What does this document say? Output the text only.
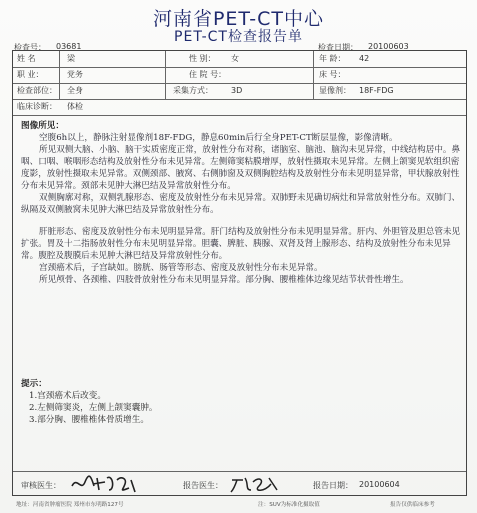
河南省PET-CT中心
PET-CT检查报告单
检查号： 03681	检查日期： 20100603
姓 名	梁	性 别： 女	年 龄： 42
职 业：	党务	住 院 号：	床 号：
检查部位： 全身	采集方式： 3D	显像剂： 18F-FDG
临床诊断： 体检
图像所见：

空腹6h以上，静脉注射显像剂18F-FDG，静息60min后行全身PET-CT断层显像，影像清晰。

所见双侧大脑、小脑、脑干实质密度正常，放射性分布对称，诸脑室、脑池、脑沟未见异常，中线结构居中。鼻咽、口咽、喉咽形态结构及放射性分布未见异常。左侧筛窦粘膜增厚，放射性摄取未见异常。左侧上颌窦见软组织密度影，放射性摄取未见异常。双侧颈部、腋窝、右侧肺窗及双侧胸腔结构及放射性分布未见明显异常，甲状腺放射性分布未见异常。颈部未见肿大淋巴结及异常放射性分布。

双侧胸廓对称，双侧乳腺形态、密度及放射性分布未见异常。双肺野未见确切病灶和异常放射性分布。双肺门、纵隔及双侧腋窝未见肿大淋巴结及异常放射性分布。

肝脏形态、密度及放射性分布未见明显异常。肝门结构及放射性分布未见明显异常。肝内、外胆管及胆总管未见扩张。胃及十二指肠放射性分布未见明显异常。胆囊、脾脏、胰腺、双肾及肾上腺形态、结构及放射性分布未见异常。腹腔及腹膜后未见肿大淋巴结及异常放射性分布。

宫颈癌术后，子宫缺如。膀胱、肠管等形态、密度及放射性分布未见异常。

所见颅骨、各颈椎、四肢骨放射性分布未见明显异常。部分胸、腰椎椎体边缘见结节状骨性增生。

提示：
1.宫颈癌术后改变。
2.左侧筛窦炎，左侧上颌窦囊肿。
3.部分胸、腰椎椎体骨质增生。
审核医生：	报告医生：	报告日期： 20100604
地址：河南省肿瘤医院 郑州市东明路127号	注：SUV为标准化摄取值	报告仅供临床参考
